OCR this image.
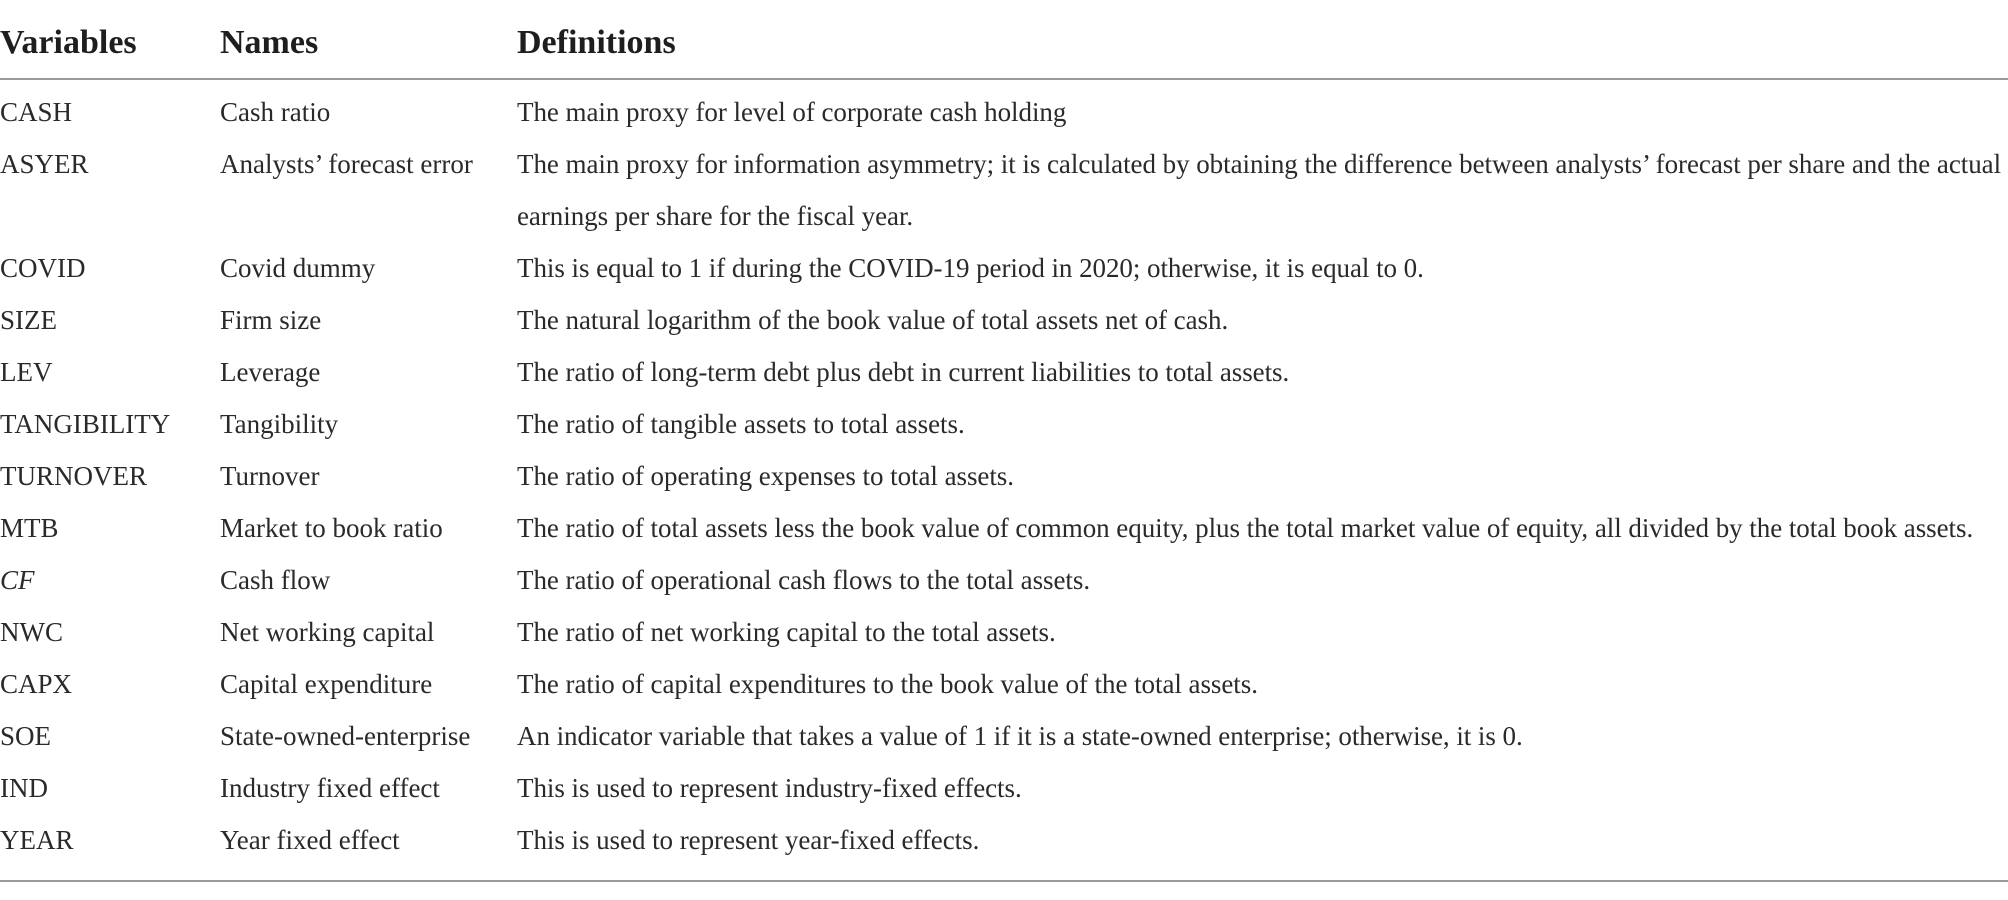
Variables	Names	Definitions
CASH	Cash ratio	The main proxy for level of corporate cash holding
ASYER	Analysts’ forecast error	The main proxy for information asymmetry; it is calculated by obtaining the difference between analysts’ forecast per share and the actual earnings per share for the fiscal year.
COVID	Covid dummy	This is equal to 1 if during the COVID-19 period in 2020; otherwise, it is equal to 0.
SIZE	Firm size	The natural logarithm of the book value of total assets net of cash.
LEV	Leverage	The ratio of long-term debt plus debt in current liabilities to total assets.
TANGIBILITY	Tangibility	The ratio of tangible assets to total assets.
TURNOVER	Turnover	The ratio of operating expenses to total assets.
MTB	Market to book ratio	The ratio of total assets less the book value of common equity, plus the total market value of equity, all divided by the total book assets.
CF	Cash flow	The ratio of operational cash flows to the total assets.
NWC	Net working capital	The ratio of net working capital to the total assets.
CAPX	Capital expenditure	The ratio of capital expenditures to the book value of the total assets.
SOE	State-owned-enterprise	An indicator variable that takes a value of 1 if it is a state-owned enterprise; otherwise, it is 0.
IND	Industry fixed effect	This is used to represent industry-fixed effects.
YEAR	Year fixed effect	This is used to represent year-fixed effects.
